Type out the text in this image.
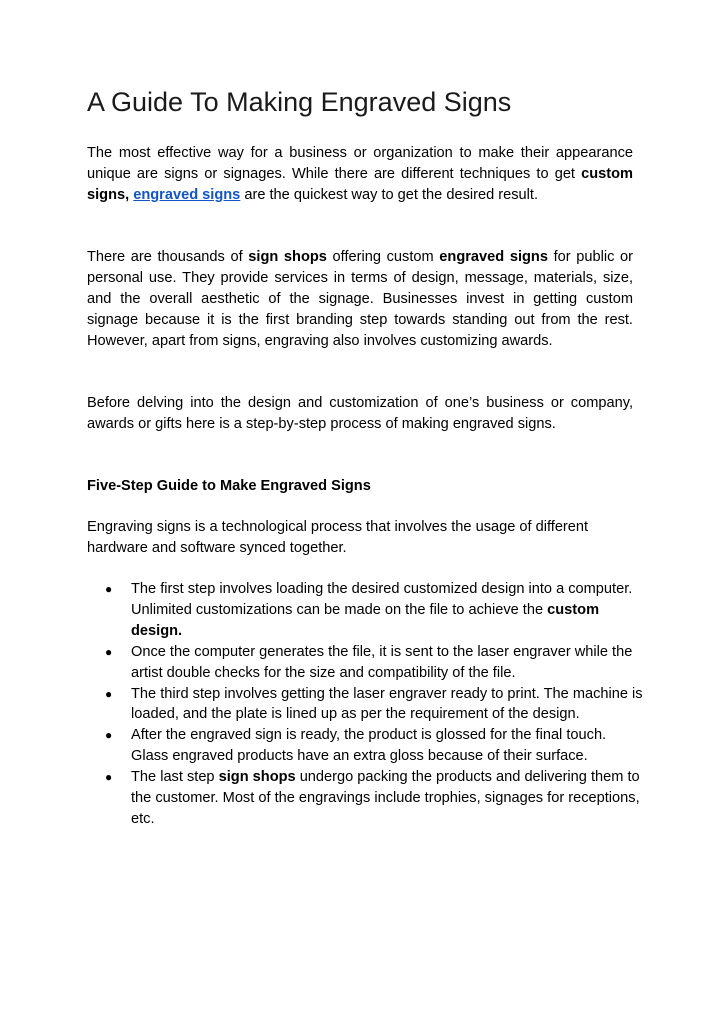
A Guide To Making Engraved Signs

The most effective way for a business or organization to make their appearance unique are signs or signages. While there are different techniques to get custom signs, engraved signs are the quickest way to get the desired result.

There are thousands of sign shops offering custom engraved signs for public or personal use. They provide services in terms of design, message, materials, size, and the overall aesthetic of the signage. Businesses invest in getting custom signage because it is the first branding step towards standing out from the rest. However, apart from signs, engraving also involves customizing awards.

Before delving into the design and customization of one’s business or company, awards or gifts here is a step-by-step process of making engraved signs.

Five-Step Guide to Make Engraved Signs

Engraving signs is a technological process that involves the usage of different hardware and software synced together.

● The first step involves loading the desired customized design into a computer. Unlimited customizations can be made on the file to achieve the custom design.
● Once the computer generates the file, it is sent to the laser engraver while the artist double checks for the size and compatibility of the file.
● The third step involves getting the laser engraver ready to print. The machine is loaded, and the plate is lined up as per the requirement of the design.
● After the engraved sign is ready, the product is glossed for the final touch. Glass engraved products have an extra gloss because of their surface.
● The last step sign shops undergo packing the products and delivering them to the customer. Most of the engravings include trophies, signages for receptions, etc.
